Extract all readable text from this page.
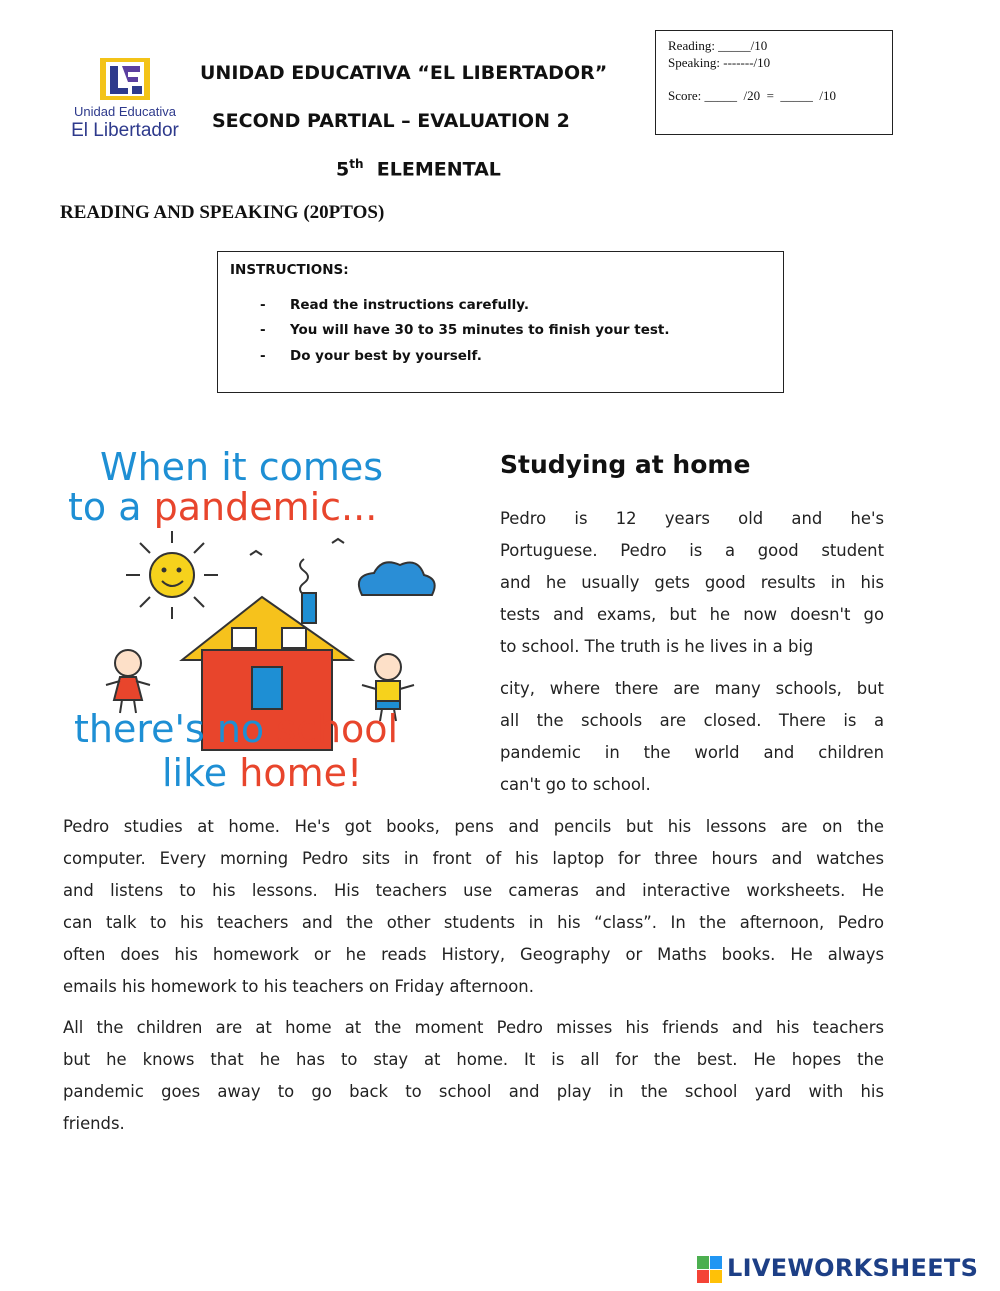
Unidad Educativa
El Libertador
UNIDAD EDUCATIVA “EL LIBERTADOR”
SECOND PARTIAL – EVALUATION 2
5th ELEMENTAL
Reading: _____/10
Speaking: -------/10
Score: _____  /20  =  _____  /10
READING AND SPEAKING (20PTOS)
INSTRUCTIONS:
- Read the instructions carefully.
- You will have 30 to 35 minutes to finish your test.
- Do your best by yourself.
When it comes
to a pandemic...
there's no school
like home!
Studying at home
Pedro is 12 years old and he's
Portuguese. Pedro is a good student
and he usually gets good results in his
tests and exams, but he now doesn't go
to school. The truth is he lives in a big
city, where there are many schools, but
all the schools are closed. There is a
pandemic in the world and children
can't go to school.
Pedro studies at home. He's got books, pens and pencils but his lessons are on the
computer. Every morning Pedro sits in front of his laptop for three hours and watches
and listens to his lessons. His teachers use cameras and interactive worksheets. He
can talk to his teachers and the other students in his “class”. In the afternoon, Pedro
often does his homework or he reads History, Geography or Maths books. He always
emails his homework to his teachers on Friday afternoon.
All the children are at home at the moment Pedro misses his friends and his teachers
but he knows that he has to stay at home. It is all for the best. He hopes the
pandemic goes away to go back to school and play in the school yard with his
friends.
LIVEWORKSHEETS
